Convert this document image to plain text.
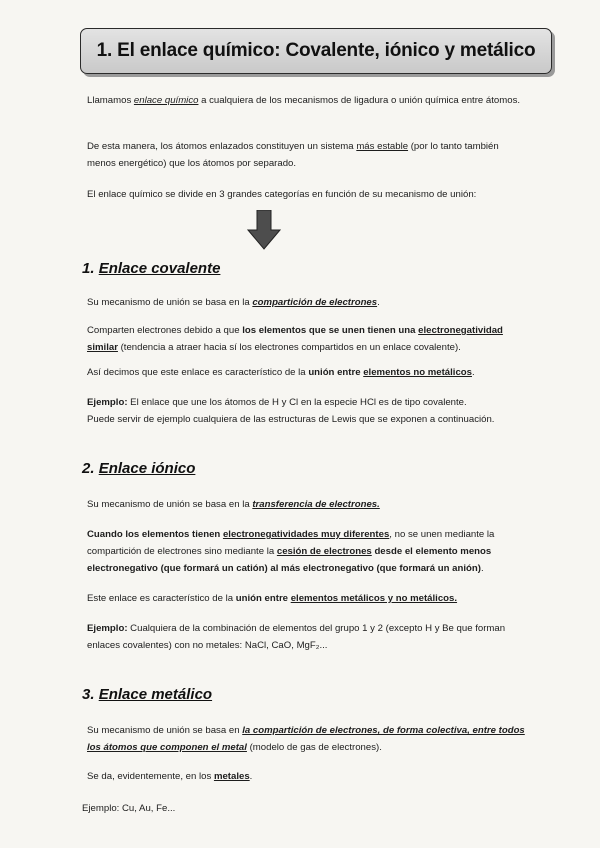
1. El enlace químico: Covalente, iónico y metálico

Llamamos enlace químico a cualquiera de los mecanismos de ligadura o unión química entre átomos.

De esta manera, los átomos enlazados constituyen un sistema más estable (por lo tanto también menos energético) que los átomos por separado.

El enlace químico se divide en 3 grandes categorías en función de su mecanismo de unión:

1. Enlace covalente

Su mecanismo de unión se basa en la compartición de electrones.

Comparten electrones debido a que los elementos que se unen tienen una electronegatividad similar (tendencia a atraer hacia sí los electrones compartidos en un enlace covalente).

Así decimos que este enlace es característico de la unión entre elementos no metálicos.

Ejemplo: El enlace que une los átomos de H y Cl en la especie HCl es de tipo covalente.
Puede servir de ejemplo cualquiera de las estructuras de Lewis que se exponen a continuación.

2. Enlace iónico

Su mecanismo de unión se basa en la transferencia de electrones.

Cuando los elementos tienen electronegatividades muy diferentes, no se unen mediante la compartición de electrones sino mediante la cesión de electrones desde el elemento menos electronegativo (que formará un catión) al más electronegativo (que formará un anión).

Este enlace es característico de la unión entre elementos metálicos y no metálicos.

Ejemplo: Cualquiera de la combinación de elementos del grupo 1 y 2 (excepto H y Be que forman enlaces covalentes) con no metales: NaCl, CaO, MgF₂...

3. Enlace metálico

Su mecanismo de unión se basa en la compartición de electrones, de forma colectiva, entre todos los átomos que componen el metal (modelo de gas de electrones).

Se da, evidentemente, en los metales.

Ejemplo: Cu, Au, Fe...
